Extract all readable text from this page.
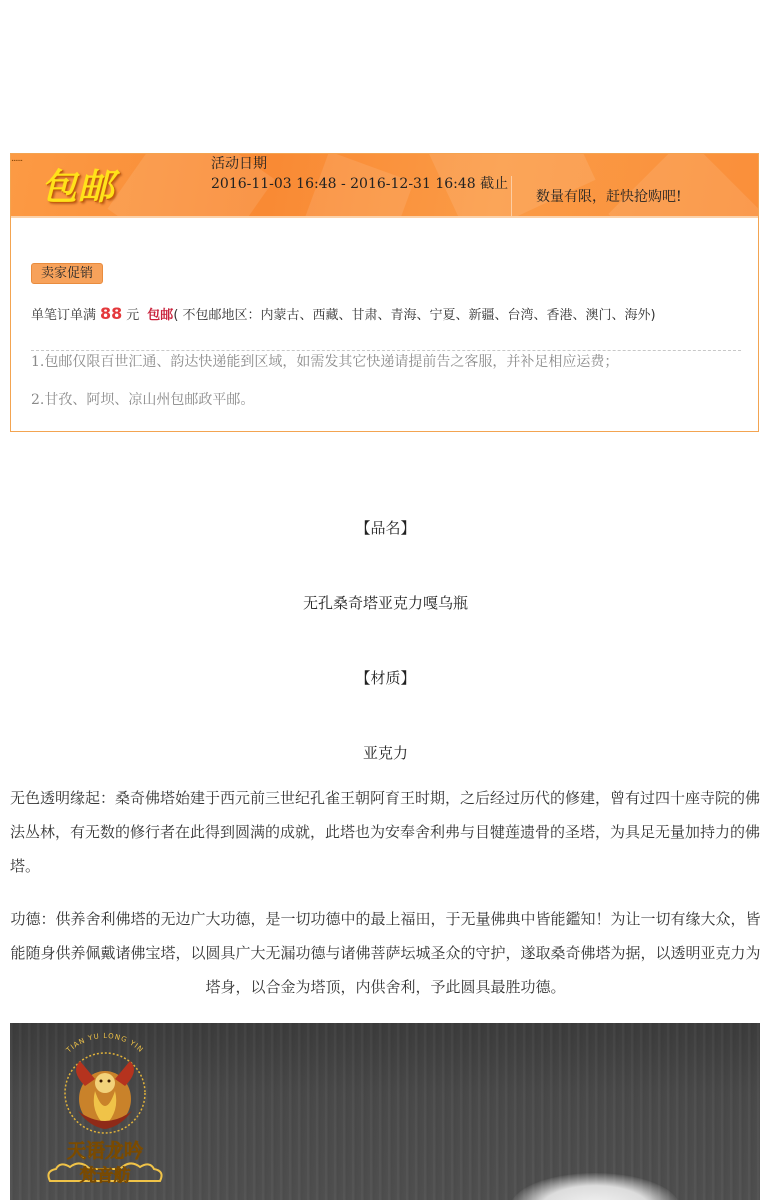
......
包邮
活动日期
2016-11-03 16:48 - 2016-12-31 16:48 截止
数量有限，赶快抢购吧!
卖家促销
单笔订单满 88 元 包邮( 不包邮地区：内蒙古、西藏、甘肃、青海、宁夏、新疆、台湾、香港、澳门、海外)
1.包邮仅限百世汇通、韵达快递能到区域，如需发其它快递请提前告之客服，并补足相应运费；
2.甘孜、阿坝、凉山州包邮政平邮。
【品名】
无孔桑奇塔亚克力嘎乌瓶
【材质】
亚克力
无色透明缘起：桑奇佛塔始建于西元前三世纪孔雀王朝阿育王时期，之后经过历代的修建，曾有过四十座寺院的佛法丛林，有无数的修行者在此得到圆满的成就，此塔也为安奉舍利弗与目犍莲遗骨的圣塔，为具足无量加持力的佛塔。
功德：供养舍利佛塔的无边广大功德，是一切功德中的最上福田，于无量佛典中皆能鑑知！为让一切有缘大众，皆能随身供养佩戴诸佛宝塔，以圆具广大无漏功德与诸佛菩萨坛城圣众的守护，遂取桑奇佛塔为据，以透明亚克力为塔身，以合金为塔顶，内供舍利，予此圆具最胜功德。
TIAN YU LONG YIN
天语龙吟
梵音舫
